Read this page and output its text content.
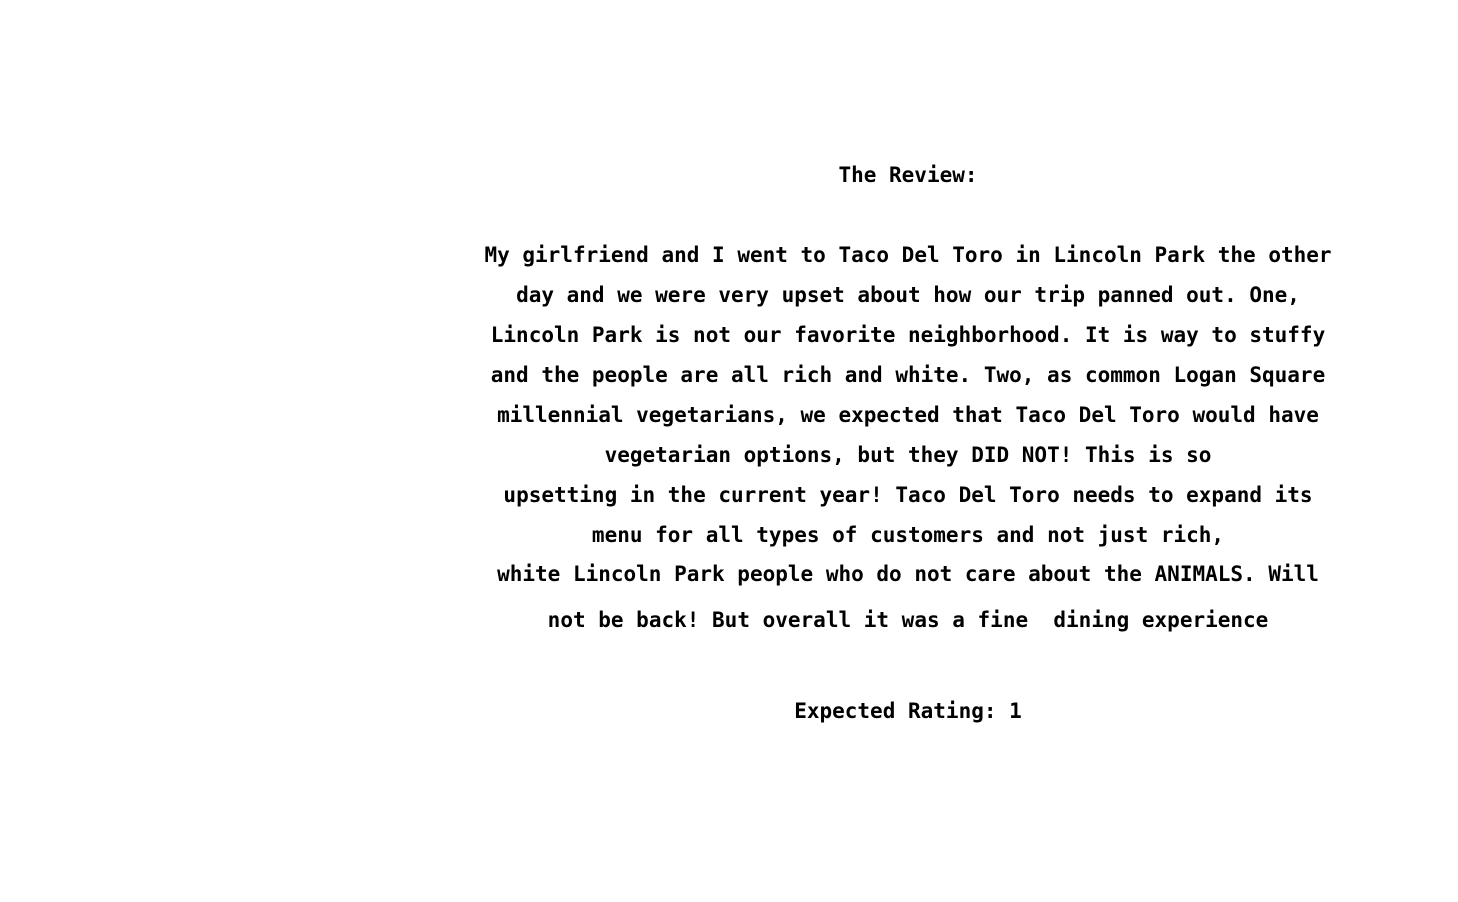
The Review:
My girlfriend and I went to Taco Del Toro in Lincoln Park the other
day and we were very upset about how our trip panned out. One,
Lincoln Park is not our favorite neighborhood. It is way to stuffy
and the people are all rich and white. Two, as common Logan Square
millennial vegetarians, we expected that Taco Del Toro would have
vegetarian options, but they DID NOT! This is so
upsetting in the current year! Taco Del Toro needs to expand its
menu for all types of customers and not just rich,
white Lincoln Park people who do not care about the ANIMALS. Will
not be back! But overall it was a fine  dining experience
Expected Rating: 1
